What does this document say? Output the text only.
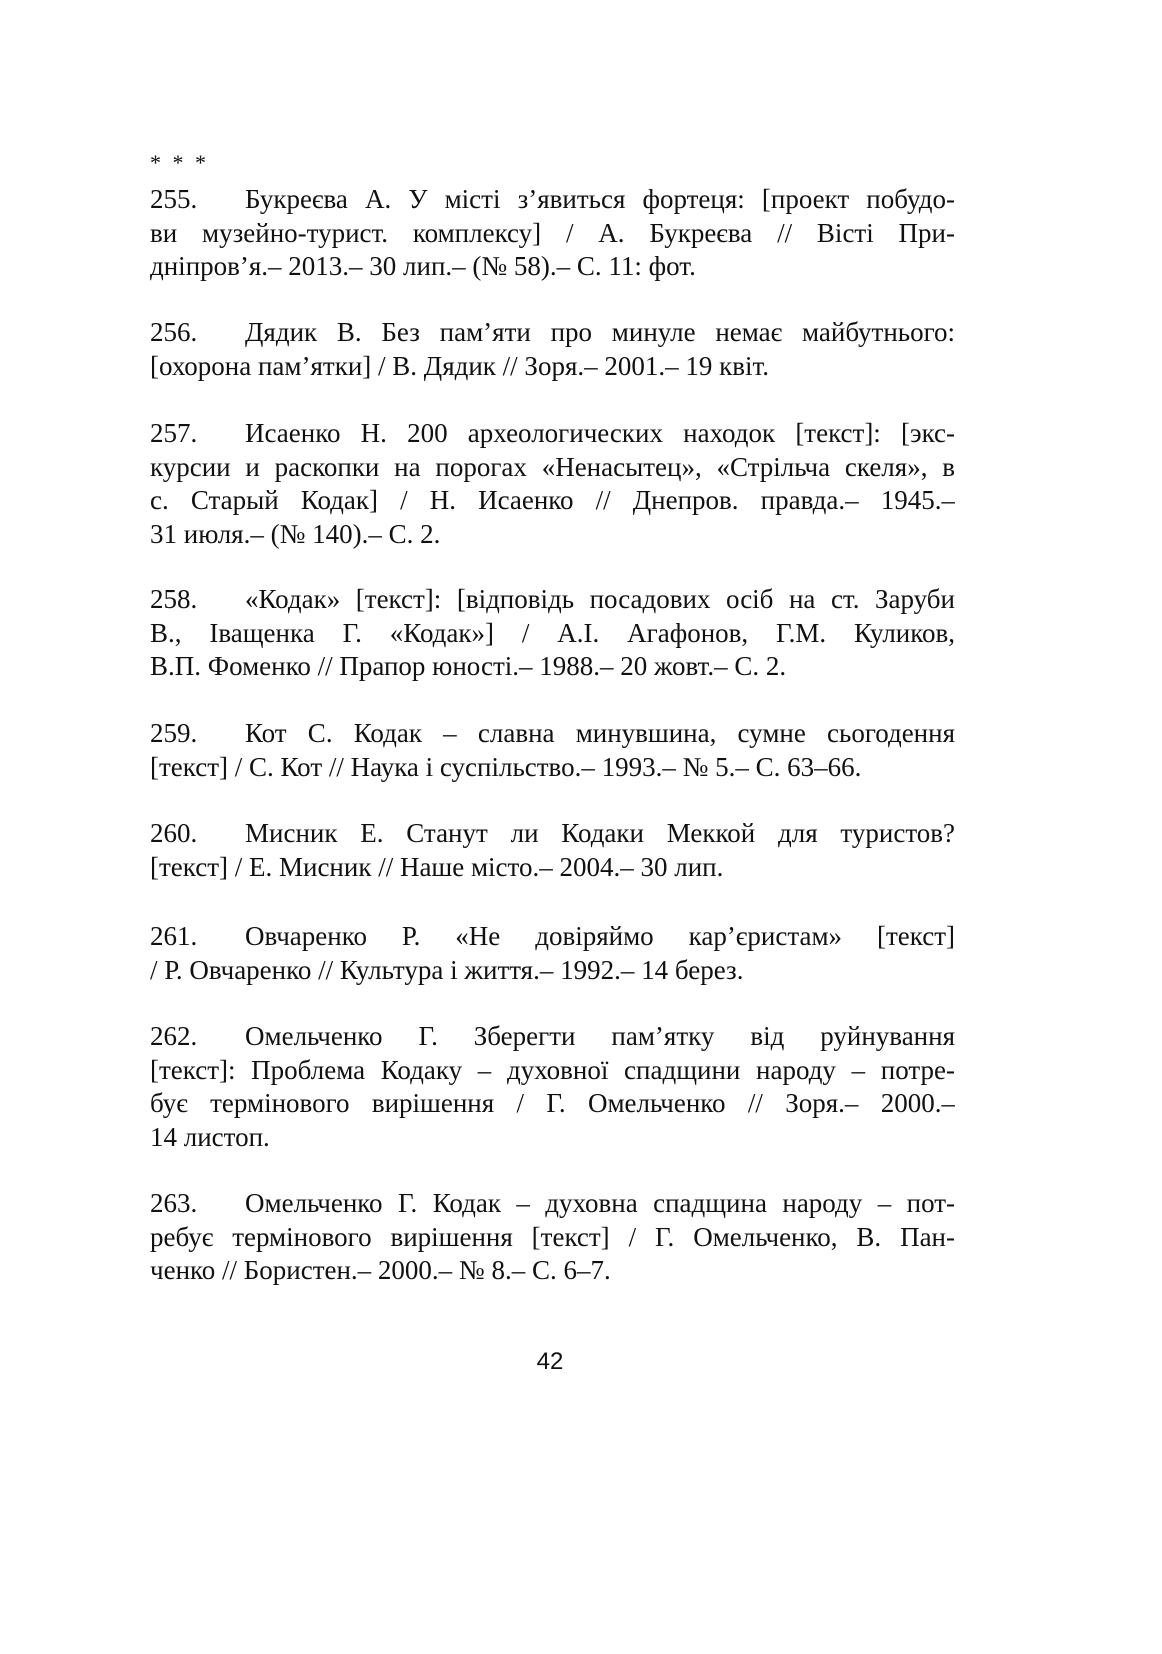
* * *
255.	Букреєва А. У місті з’явиться фортеця: [проект побудо-
ви музейно-турист. комплексу] / А. Букреєва // Вісті При-
дніпров’я.– 2013.– 30 лип.– (№ 58).– С. 11: фот.
256.	Дядик В. Без пам’яти про минуле немає майбутнього:
[охорона пам’ятки] / В. Дядик // Зоря.– 2001.– 19 квіт.
257.	Исаенко Н. 200 археологических находок [текст]: [экс-
курсии и раскопки на порогах «Ненасытец», «Стрільча скеля», в
с. Старый Кодак] / Н. Исаенко // Днепров. правда.– 1945.–
31 июля.– (№ 140).– С. 2.
258.	«Кодак» [текст]: [відповідь посадових осіб на ст. Заруби
В., Іващенка Г. «Кодак»] / А.І. Агафонов, Г.М. Куликов,
В.П. Фоменко // Прапор юності.– 1988.– 20 жовт.– С. 2.
259.	Кот С. Кодак – славна минувшина, сумне сьогодення
[текст] / С. Кот // Наука і суспільство.– 1993.– № 5.– С. 63–66.
260.	Мисник Е. Станут ли Кодаки Меккой для туристов?
[текст] / Е. Мисник // Наше місто.– 2004.– 30 лип.
261.	Овчаренко Р. «Не довіряймо кар’єристам» [текст]
/ Р. Овчаренко // Культура і життя.– 1992.– 14 берез.
262.	Омельченко Г. Зберегти пам’ятку від руйнування
[текст]: Проблема Кодаку – духовної спадщини народу – потре-
бує термінового вирішення / Г. Омельченко // Зоря.– 2000.–
14 листоп.
263.	Омельченко Г. Кодак – духовна спадщина народу – пот-
ребує термінового вирішення [текст] / Г. Омельченко, В. Пан-
ченко // Бористен.– 2000.– № 8.– С. 6–7.
42
